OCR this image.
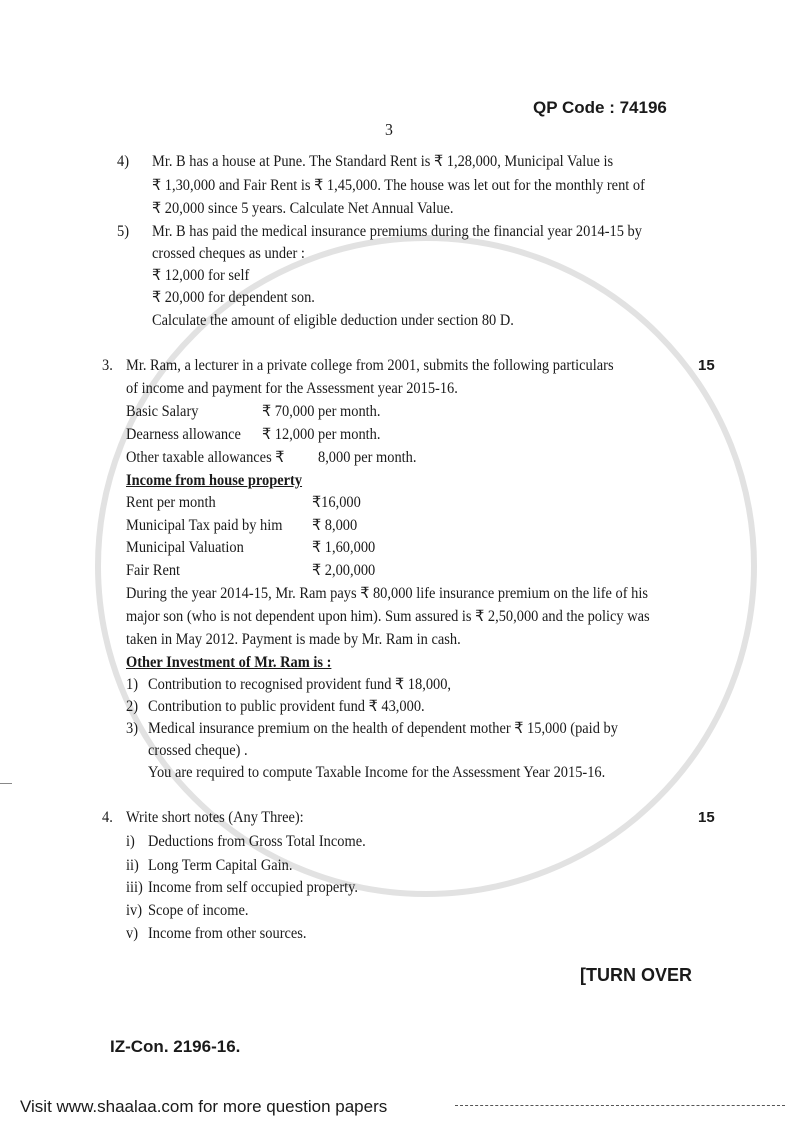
QP Code : 74196
3
4) Mr. B has a house at Pune. The Standard Rent is ₹ 1,28,000, Municipal Value is
₹ 1,30,000 and Fair Rent is ₹ 1,45,000. The house was let out for the monthly rent of
₹ 20,000 since 5 years. Calculate Net Annual Value.
5) Mr. B has paid the medical insurance premiums during the financial year 2014-15 by
crossed cheques as under :
₹ 12,000 for self
₹ 20,000 for dependent son.
Calculate the amount of eligible deduction under section 80 D.
3. Mr. Ram, a lecturer in a private college from 2001, submits the following particulars	15
of income and payment for the Assessment year 2015-16.
Basic Salary	₹ 70,000 per month.
Dearness allowance ₹ 12,000 per month.
Other taxable allowances ₹ 8,000 per month.
Income from house property
Rent per month	₹16,000
Municipal Tax paid by him ₹ 8,000
Municipal Valuation	₹ 1,60,000
Fair Rent	₹ 2,00,000
During the year 2014-15, Mr. Ram pays ₹ 80,000 life insurance premium on the life of his
major son (who is not dependent upon him). Sum assured is ₹ 2,50,000 and the policy was
taken in May 2012. Payment is made by Mr. Ram in cash.
Other Investment of Mr. Ram is :
1) Contribution to recognised provident fund ₹ 18,000,
2) Contribution to public provident fund ₹ 43,000.
3) Medical insurance premium on the health of dependent mother ₹ 15,000 (paid by
crossed cheque) .
You are required to compute Taxable Income for the Assessment Year 2015-16.
4. Write short notes (Any Three):	15
i) Deductions from Gross Total Income.
ii) Long Term Capital Gain.
iii) Income from self occupied property.
iv) Scope of income.
v) Income from other sources.
[TURN OVER
IZ-Con. 2196-16.
Visit www.shaalaa.com for more question papers
